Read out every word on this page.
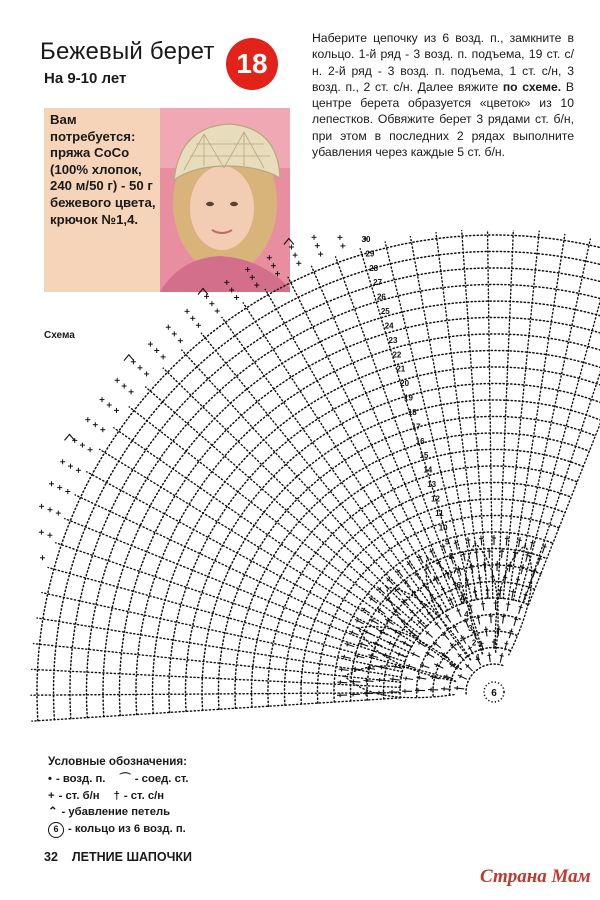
Бежевый берет
На 9-10 лет	18
Наберите цепочку из 6 возд. п., замкните в кольцо. 1-й ряд - 3 возд. п. подъема, 19 ст. с/н. 2-й ряд - 3 возд. п. подъема, 1 ст. с/н, 3 возд. п., 2 ст. с/н. Далее вяжите по схеме. В центре берета образуется «цветок» из 10 лепестков. Обвяжите берет 3 рядами ст. б/н, при этом в последних 2 рядах выполните убавления через каждые 5 ст. б/н.
Вам потребуется: пряжа CoCo (100% хлопок, 240 м/50 г) - 50 г бежевого цвета, крючок №1,4.
Схема
6
30
29
28
27
26
25
24
23
22
21
20
19
18
17
16
15
14
13
12
11
10
9
8
7
6
5
4
3
2
1
Условные обозначения:
• - возд. п. ⌒ - соед. ст.
+ - ст. б/н † - ст. с/н
⌃ - убавление петель
6 - кольцо из 6 возд. п.
32 ЛЕТНИЕ ШАПОЧКИ
Страна Мам
